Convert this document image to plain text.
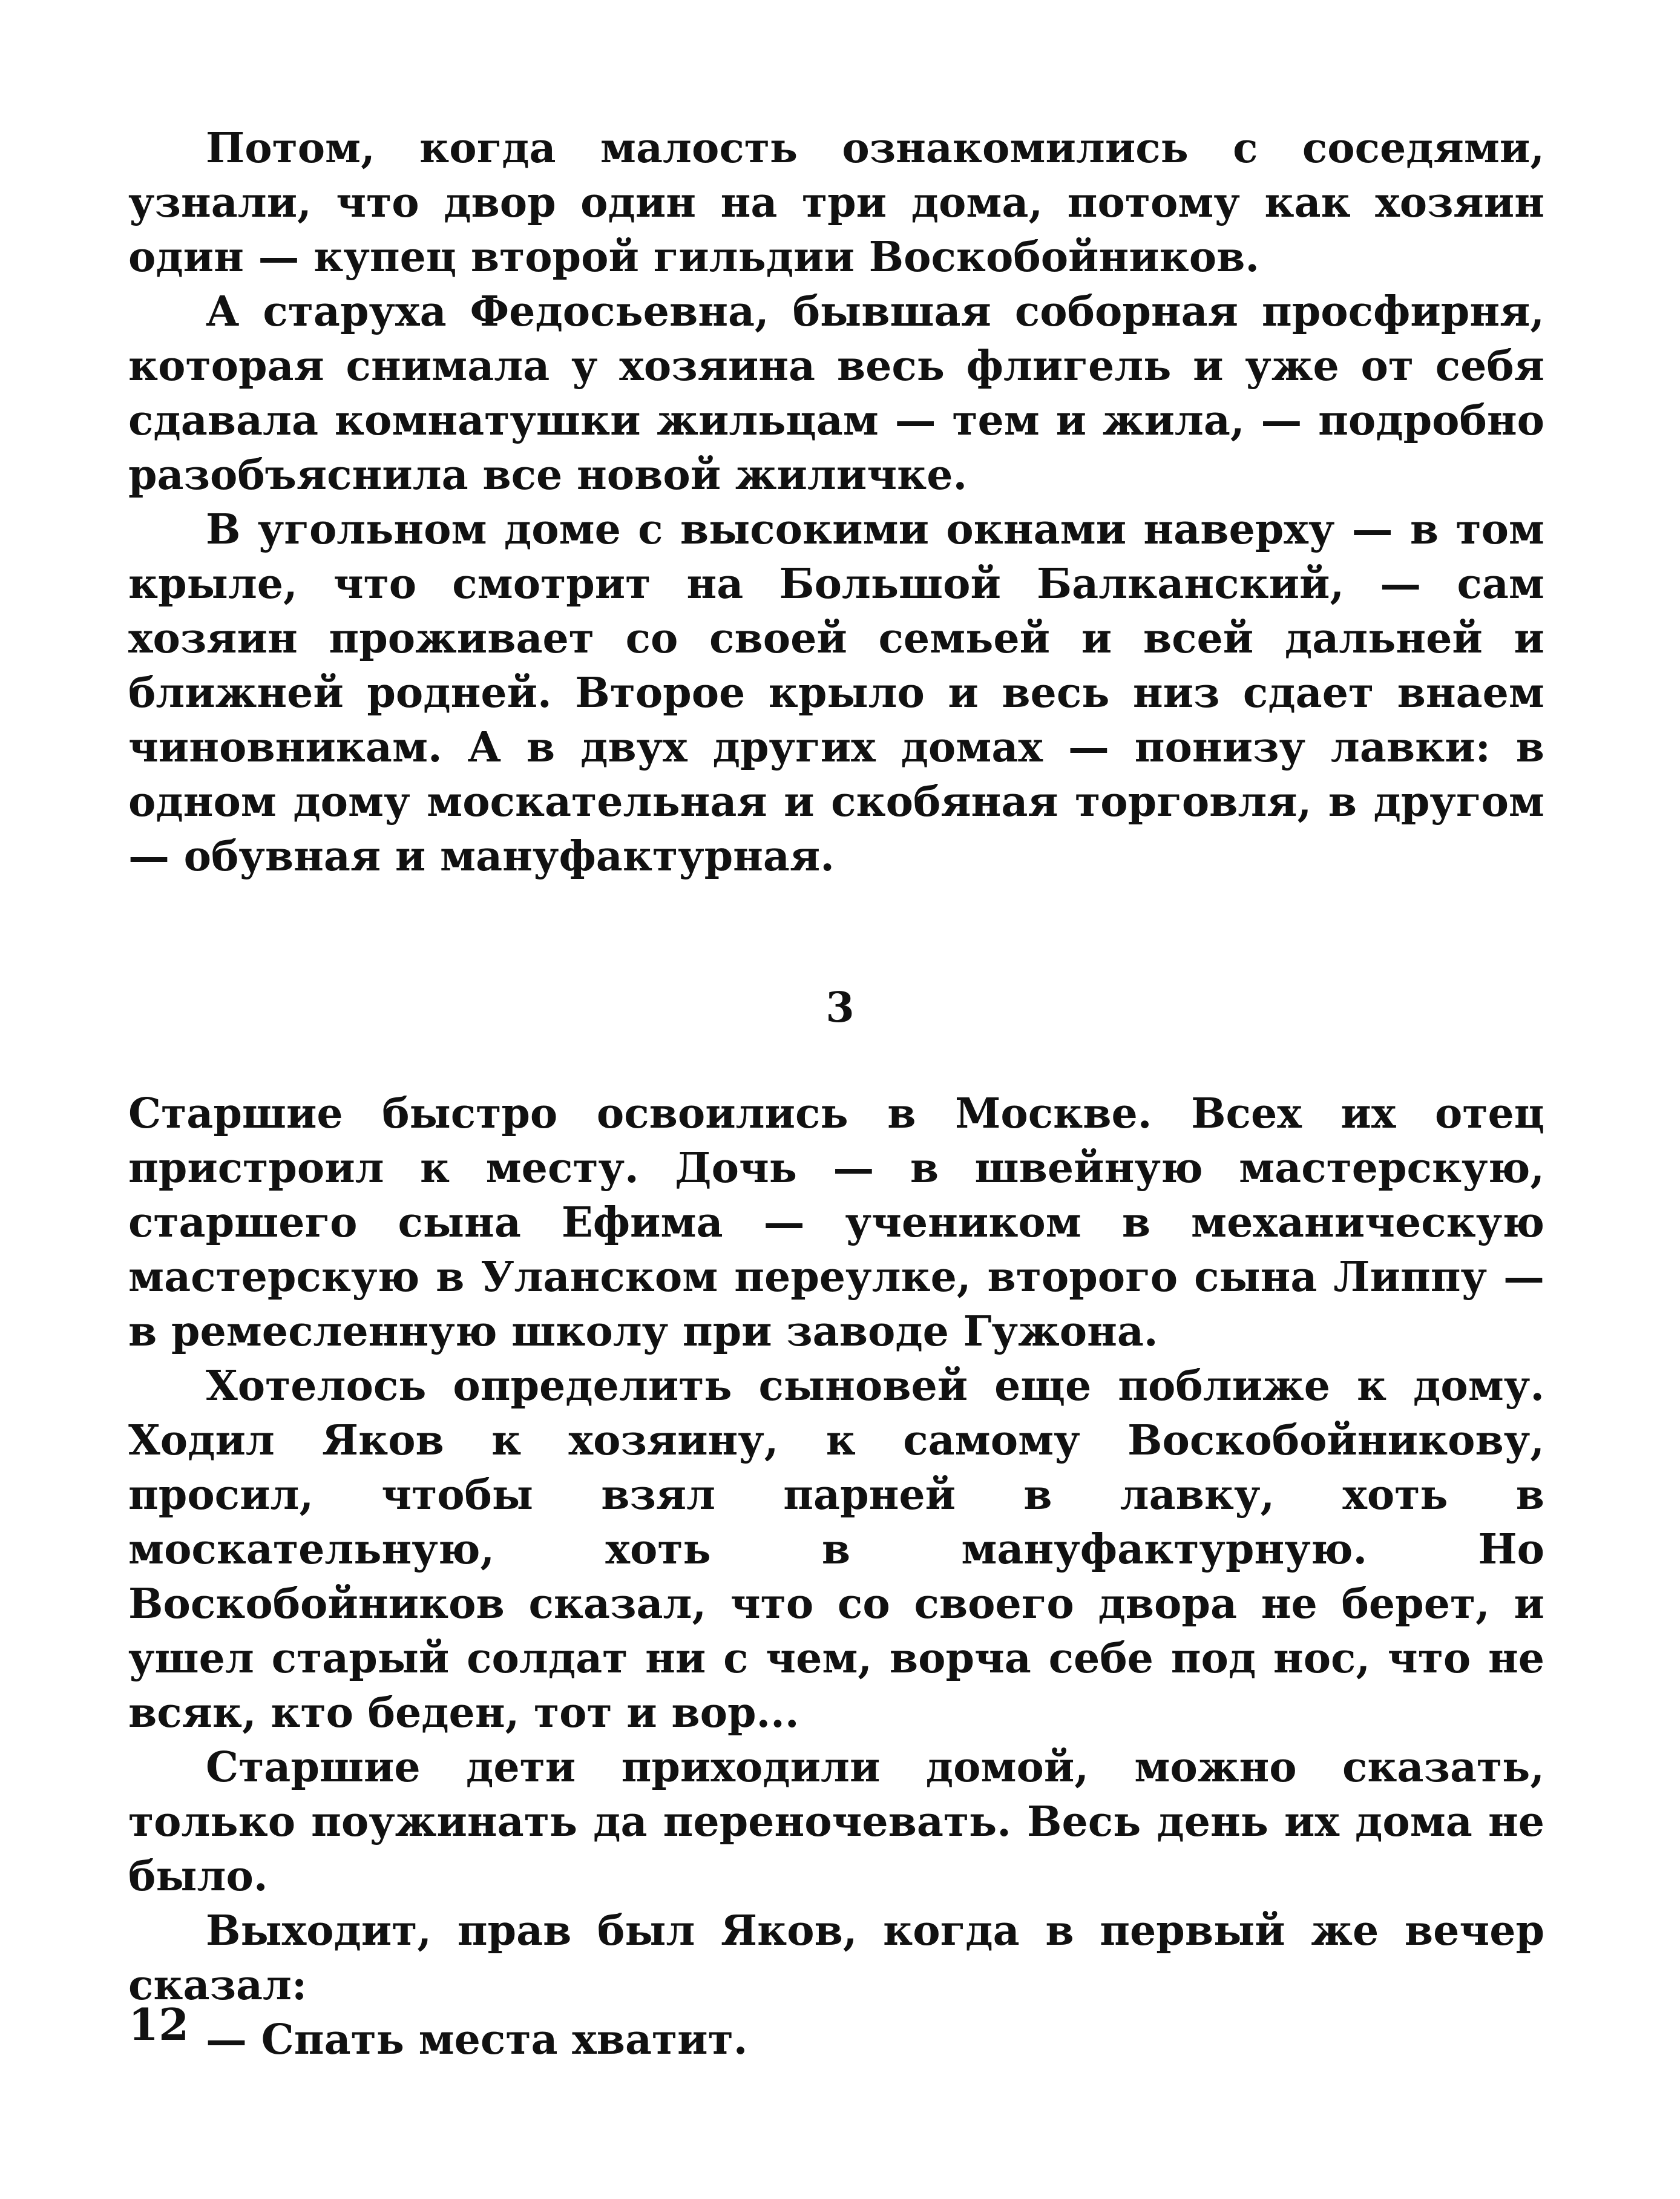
Потом, когда малость ознакомились с соседями, узнали, что двор один на три дома, потому как хозяин один — купец второй гильдии Воскобойников.

А старуха Федосьевна, бывшая соборная просфирня, которая снимала у хозяина весь флигель и уже от себя сдавала комнатушки жильцам — тем и жила, — подробно разобъяснила все новой жиличке.

В угольном доме с высокими окнами наверху — в том крыле, что смотрит на Большой Балканский, — сам хозяин проживает со своей семьей и всей дальней и ближней родней. Второе крыло и весь низ сдает внаем чиновникам. А в двух других домах — понизу лавки: в одном дому москательная и скобяная торговля, в другом — обувная и мануфактурная.

3

Старшие быстро освоились в Москве. Всех их отец пристроил к месту. Дочь — в швейную мастерскую, старшего сына Ефима — учеником в механическую мастерскую в Уланском переулке, второго сына Липпу — в ремесленную школу при заводе Гужона.

Хотелось определить сыновей еще поближе к дому. Ходил Яков к хозяину, к самому Воскобойникову, просил, чтобы взял парней в лавку, хоть в москательную, хоть в мануфактурную. Но Воскобойников сказал, что со своего двора не берет, и ушел старый солдат ни с чем, ворча себе под нос, что не всяк, кто беден, тот и вор...

Старшие дети приходили домой, можно сказать, только поужинать да переночевать. Весь день их дома не было.

Выходит, прав был Яков, когда в первый же вечер сказал:

— Спать места хватит.

12
